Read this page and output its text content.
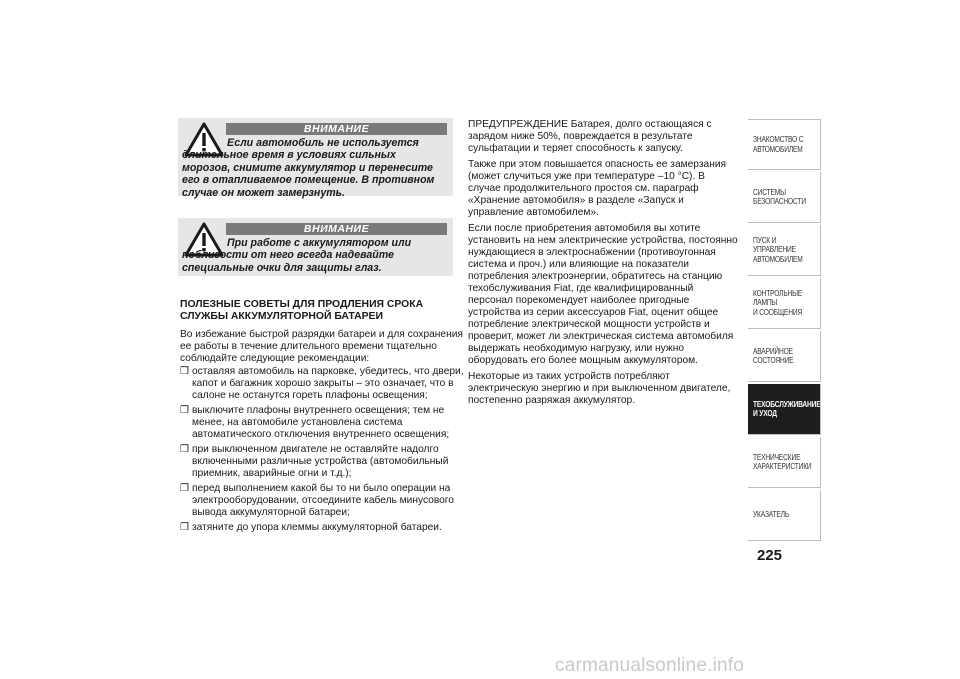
ВНИМАНИЕ
Если автомобиль не используется длительное время в условиях сильных морозов, снимите аккумулятор и перенесите его в отапливаемое помещение. В противном случае он может замерзнуть.
ВНИМАНИЕ
При работе с аккумулятором или поблизости от него всегда надевайте специальные очки для защиты глаз.
ПОЛЕЗНЫЕ СОВЕТЫ ДЛЯ ПРОДЛЕНИЯ СРОКА СЛУЖБЫ АККУМУЛЯТОРНОЙ БАТАРЕИ

Во избежание быстрой разрядки батареи и для сохранения ее работы в течение длительного времени тщательно соблюдайте следующие рекомендации:

❒ оставляя автомобиль на парковке, убедитесь, что двери, капот и багажник хорошо закрыты – это означает, что в салоне не останутся гореть плафоны освещения;
❒ выключите плафоны внутреннего освещения; тем не менее, на автомобиле установлена система автоматического отключения внутреннего освещения;
❒ при выключенном двигателе не оставляйте надолго включенными различные устройства (автомобильный приемник, аварийные огни и т.д.);
❒ перед выполнением какой бы то ни было операции на электрооборудовании, отсоедините кабель минусового вывода аккумуляторной батареи;
❒ затяните до упора клеммы аккумуляторной батареи.

ПРЕДУПРЕЖДЕНИЕ Батарея, долго остающаяся с зарядом ниже 50%, повреждается в результате сульфатации и теряет способность к запуску.

Также при этом повышается опасность ее замерзания (может случиться уже при температуре –10 °C). В случае продолжительного простоя см. параграф «Хранение автомобиля» в разделе «Запуск и управление автомобилем».

Если после приобретения автомобиля вы хотите установить на нем электрические устройства, постоянно нуждающиеся в электроснабжении (противоугонная система и проч.) или влияющие на показатели потребления электроэнергии, обратитесь на станцию техобслуживания Fiat, где квалифицированный персонал порекомендует наиболее пригодные устройства из серии аксессуаров Fiat, оценит общее потребление электрической мощности устройств и проверит, может ли электрическая система автомобиля выдержать необходимую нагрузку, или нужно оборудовать его более мощным аккумулятором.

Некоторые из таких устройств потребляют электрическую энергию и при выключенном двигателе, постепенно разряжая аккумулятор.

ЗНАКОМСТВО С
АВТОМОБИЛЕМ
СИСТЕМЫ
БЕЗОПАСНОСТИ
ПУСК И УПРАВЛЕНИЕ
АВТОМОБИЛЕМ
КОНТРОЛЬНЫЕ
ЛАМПЫ
И СООБЩЕНИЯ
АВАРИЙНОЕ
СОСТОЯНИЕ
ТЕХОБСЛУЖИВАНИЕ
И УХОД
ТЕХНИЧЕСКИЕ
ХАРАКТЕРИСТИКИ
УКАЗАТЕЛЬ
225
carmanualsonline.info
